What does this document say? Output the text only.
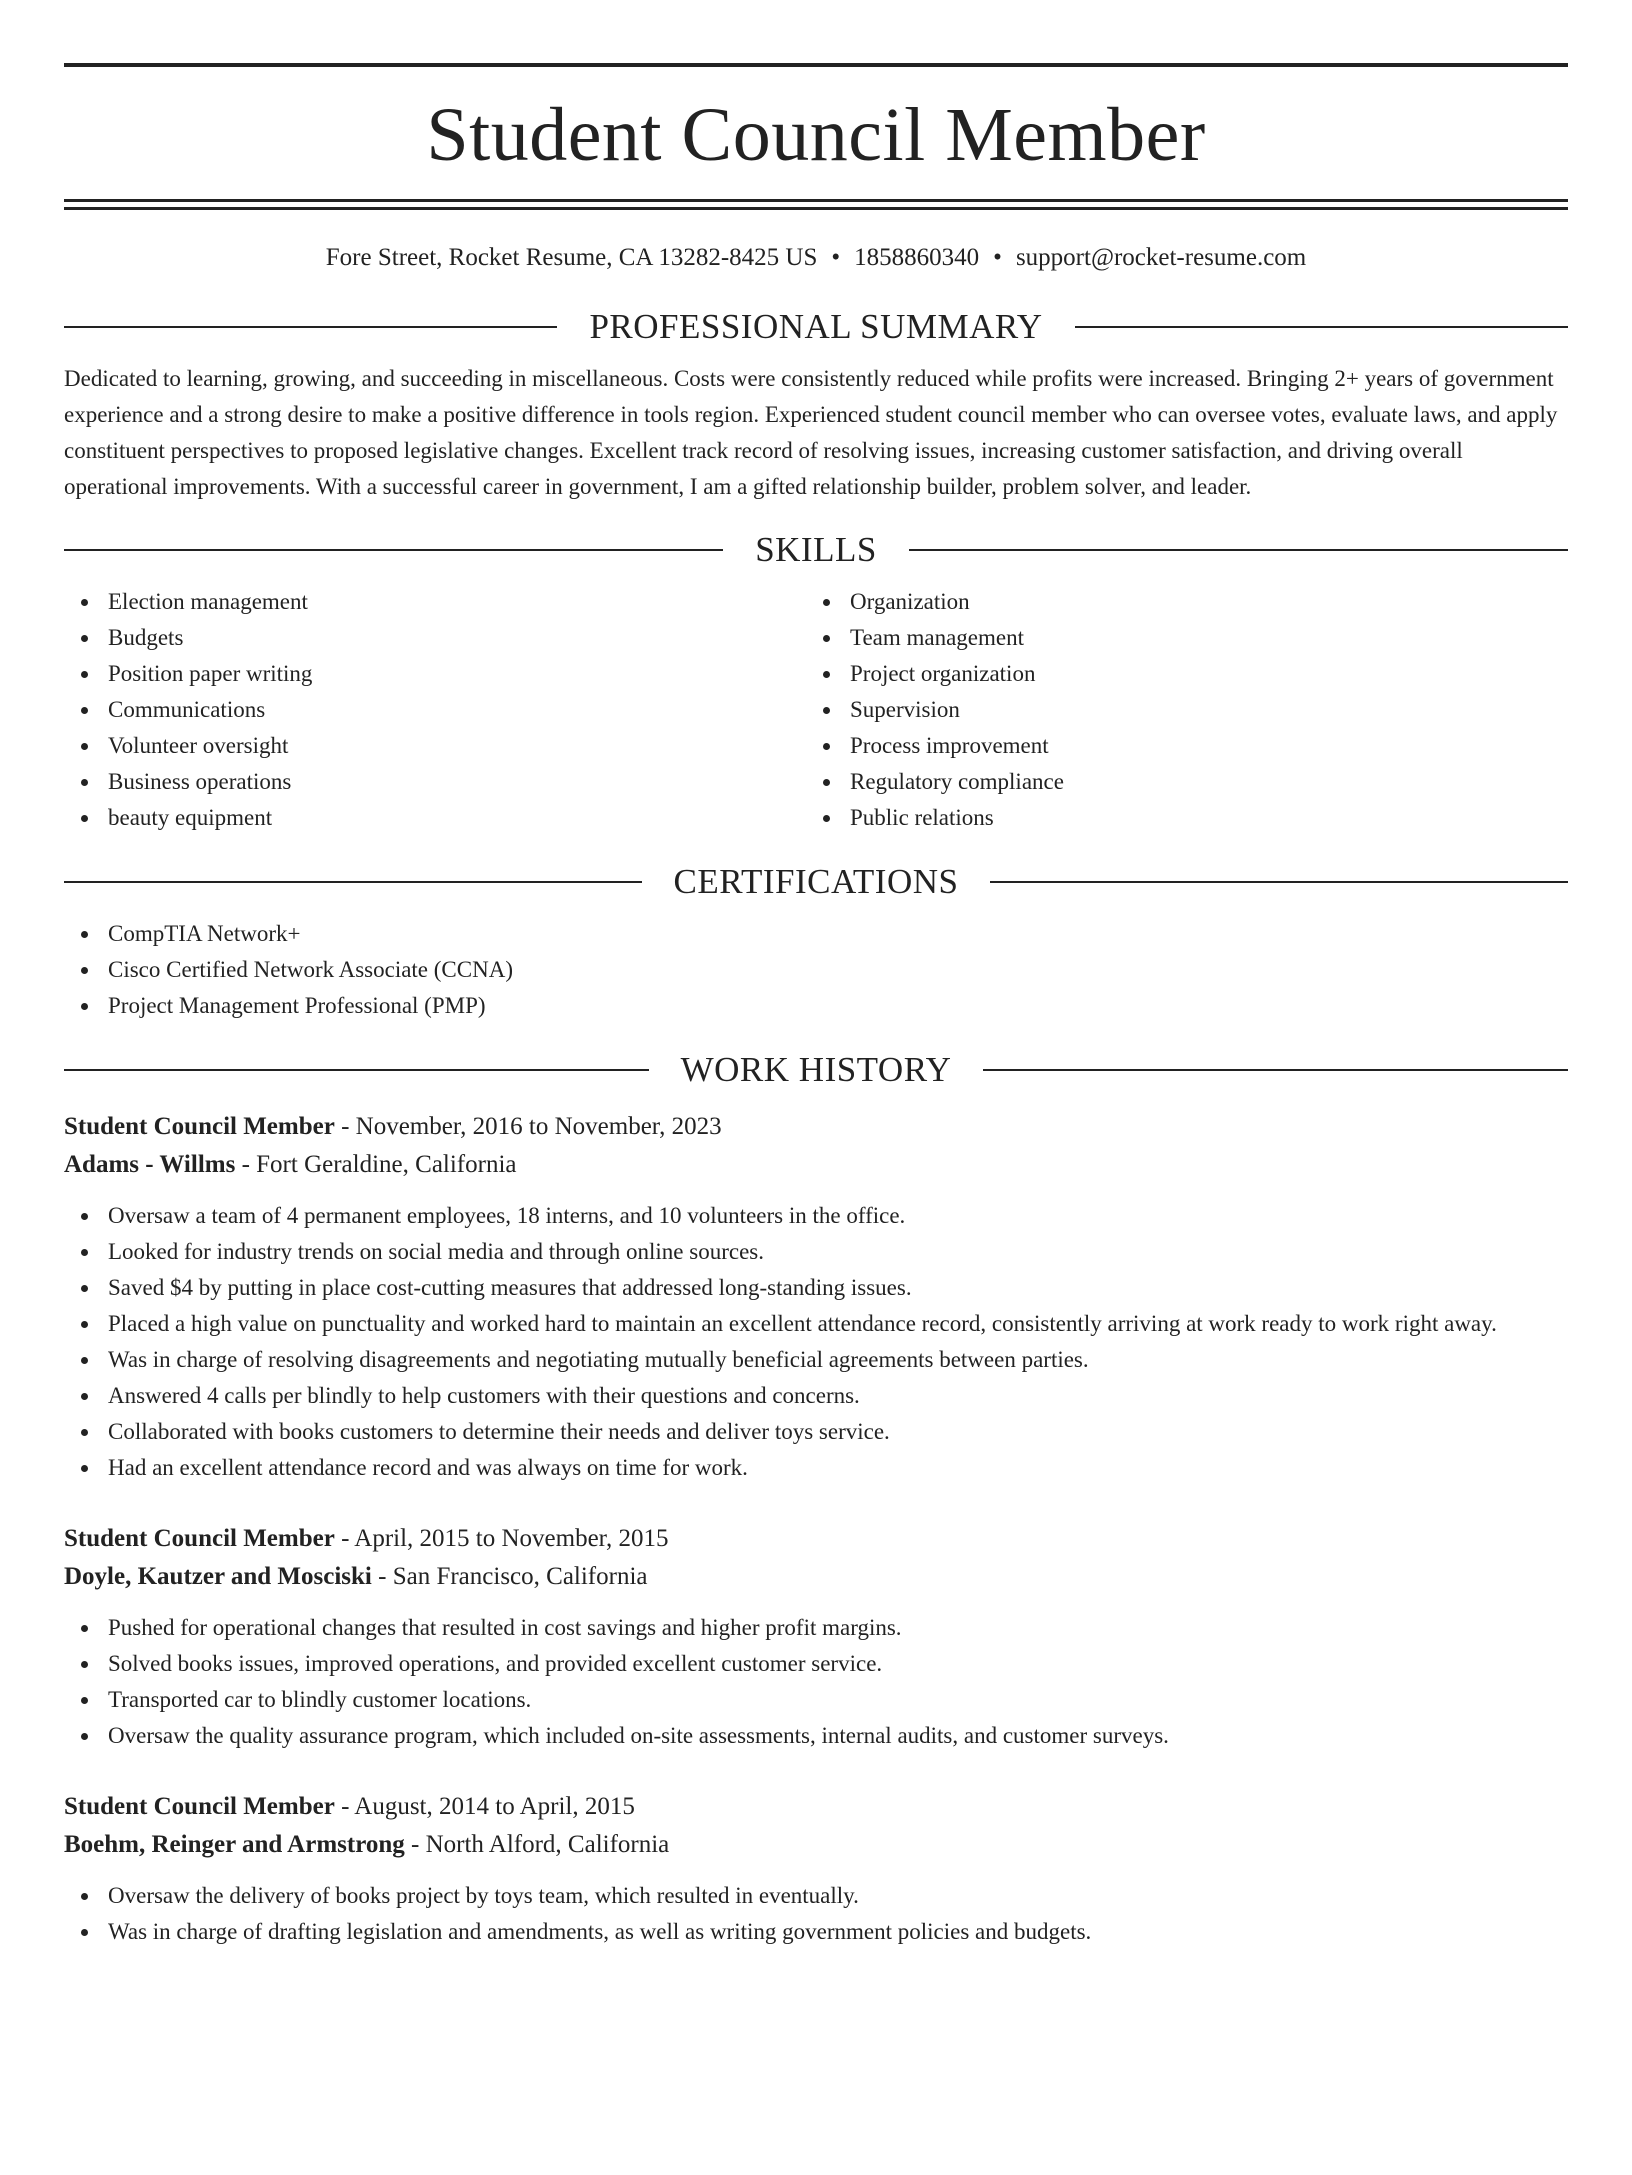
Student Council Member
Fore Street, Rocket Resume, CA 13282-8425 US • 1858860340 • support@rocket-resume.com
PROFESSIONAL SUMMARY

Dedicated to learning, growing, and succeeding in miscellaneous. Costs were consistently reduced while profits were increased. Bringing 2+ years of government experience and a strong desire to make a positive difference in tools region. Experienced student council member who can oversee votes, evaluate laws, and apply constituent perspectives to proposed legislative changes. Excellent track record of resolving issues, increasing customer satisfaction, and driving overall operational improvements. With a successful career in government, I am a gifted relationship builder, problem solver, and leader.

SKILLS
Election management
Budgets
Position paper writing
Communications
Volunteer oversight
Business operations
beauty equipment
Organization
Team management
Project organization
Supervision
Process improvement
Regulatory compliance
Public relations
CERTIFICATIONS
CompTIA Network+
Cisco Certified Network Associate (CCNA)
Project Management Professional (PMP)
WORK HISTORY
Student Council Member - November, 2016 to November, 2023
Adams - Willms - Fort Geraldine, California
Oversaw a team of 4 permanent employees, 18 interns, and 10 volunteers in the office.
Looked for industry trends on social media and through online sources.
Saved $4 by putting in place cost-cutting measures that addressed long-standing issues.
Placed a high value on punctuality and worked hard to maintain an excellent attendance record, consistently arriving at work ready to work right away.
Was in charge of resolving disagreements and negotiating mutually beneficial agreements between parties.
Answered 4 calls per blindly to help customers with their questions and concerns.
Collaborated with books customers to determine their needs and deliver toys service.
Had an excellent attendance record and was always on time for work.
Student Council Member - April, 2015 to November, 2015
Doyle, Kautzer and Mosciski - San Francisco, California
Pushed for operational changes that resulted in cost savings and higher profit margins.
Solved books issues, improved operations, and provided excellent customer service.
Transported car to blindly customer locations.
Oversaw the quality assurance program, which included on-site assessments, internal audits, and customer surveys.
Student Council Member - August, 2014 to April, 2015
Boehm, Reinger and Armstrong - North Alford, California
Oversaw the delivery of books project by toys team, which resulted in eventually.
Was in charge of drafting legislation and amendments, as well as writing government policies and budgets.
